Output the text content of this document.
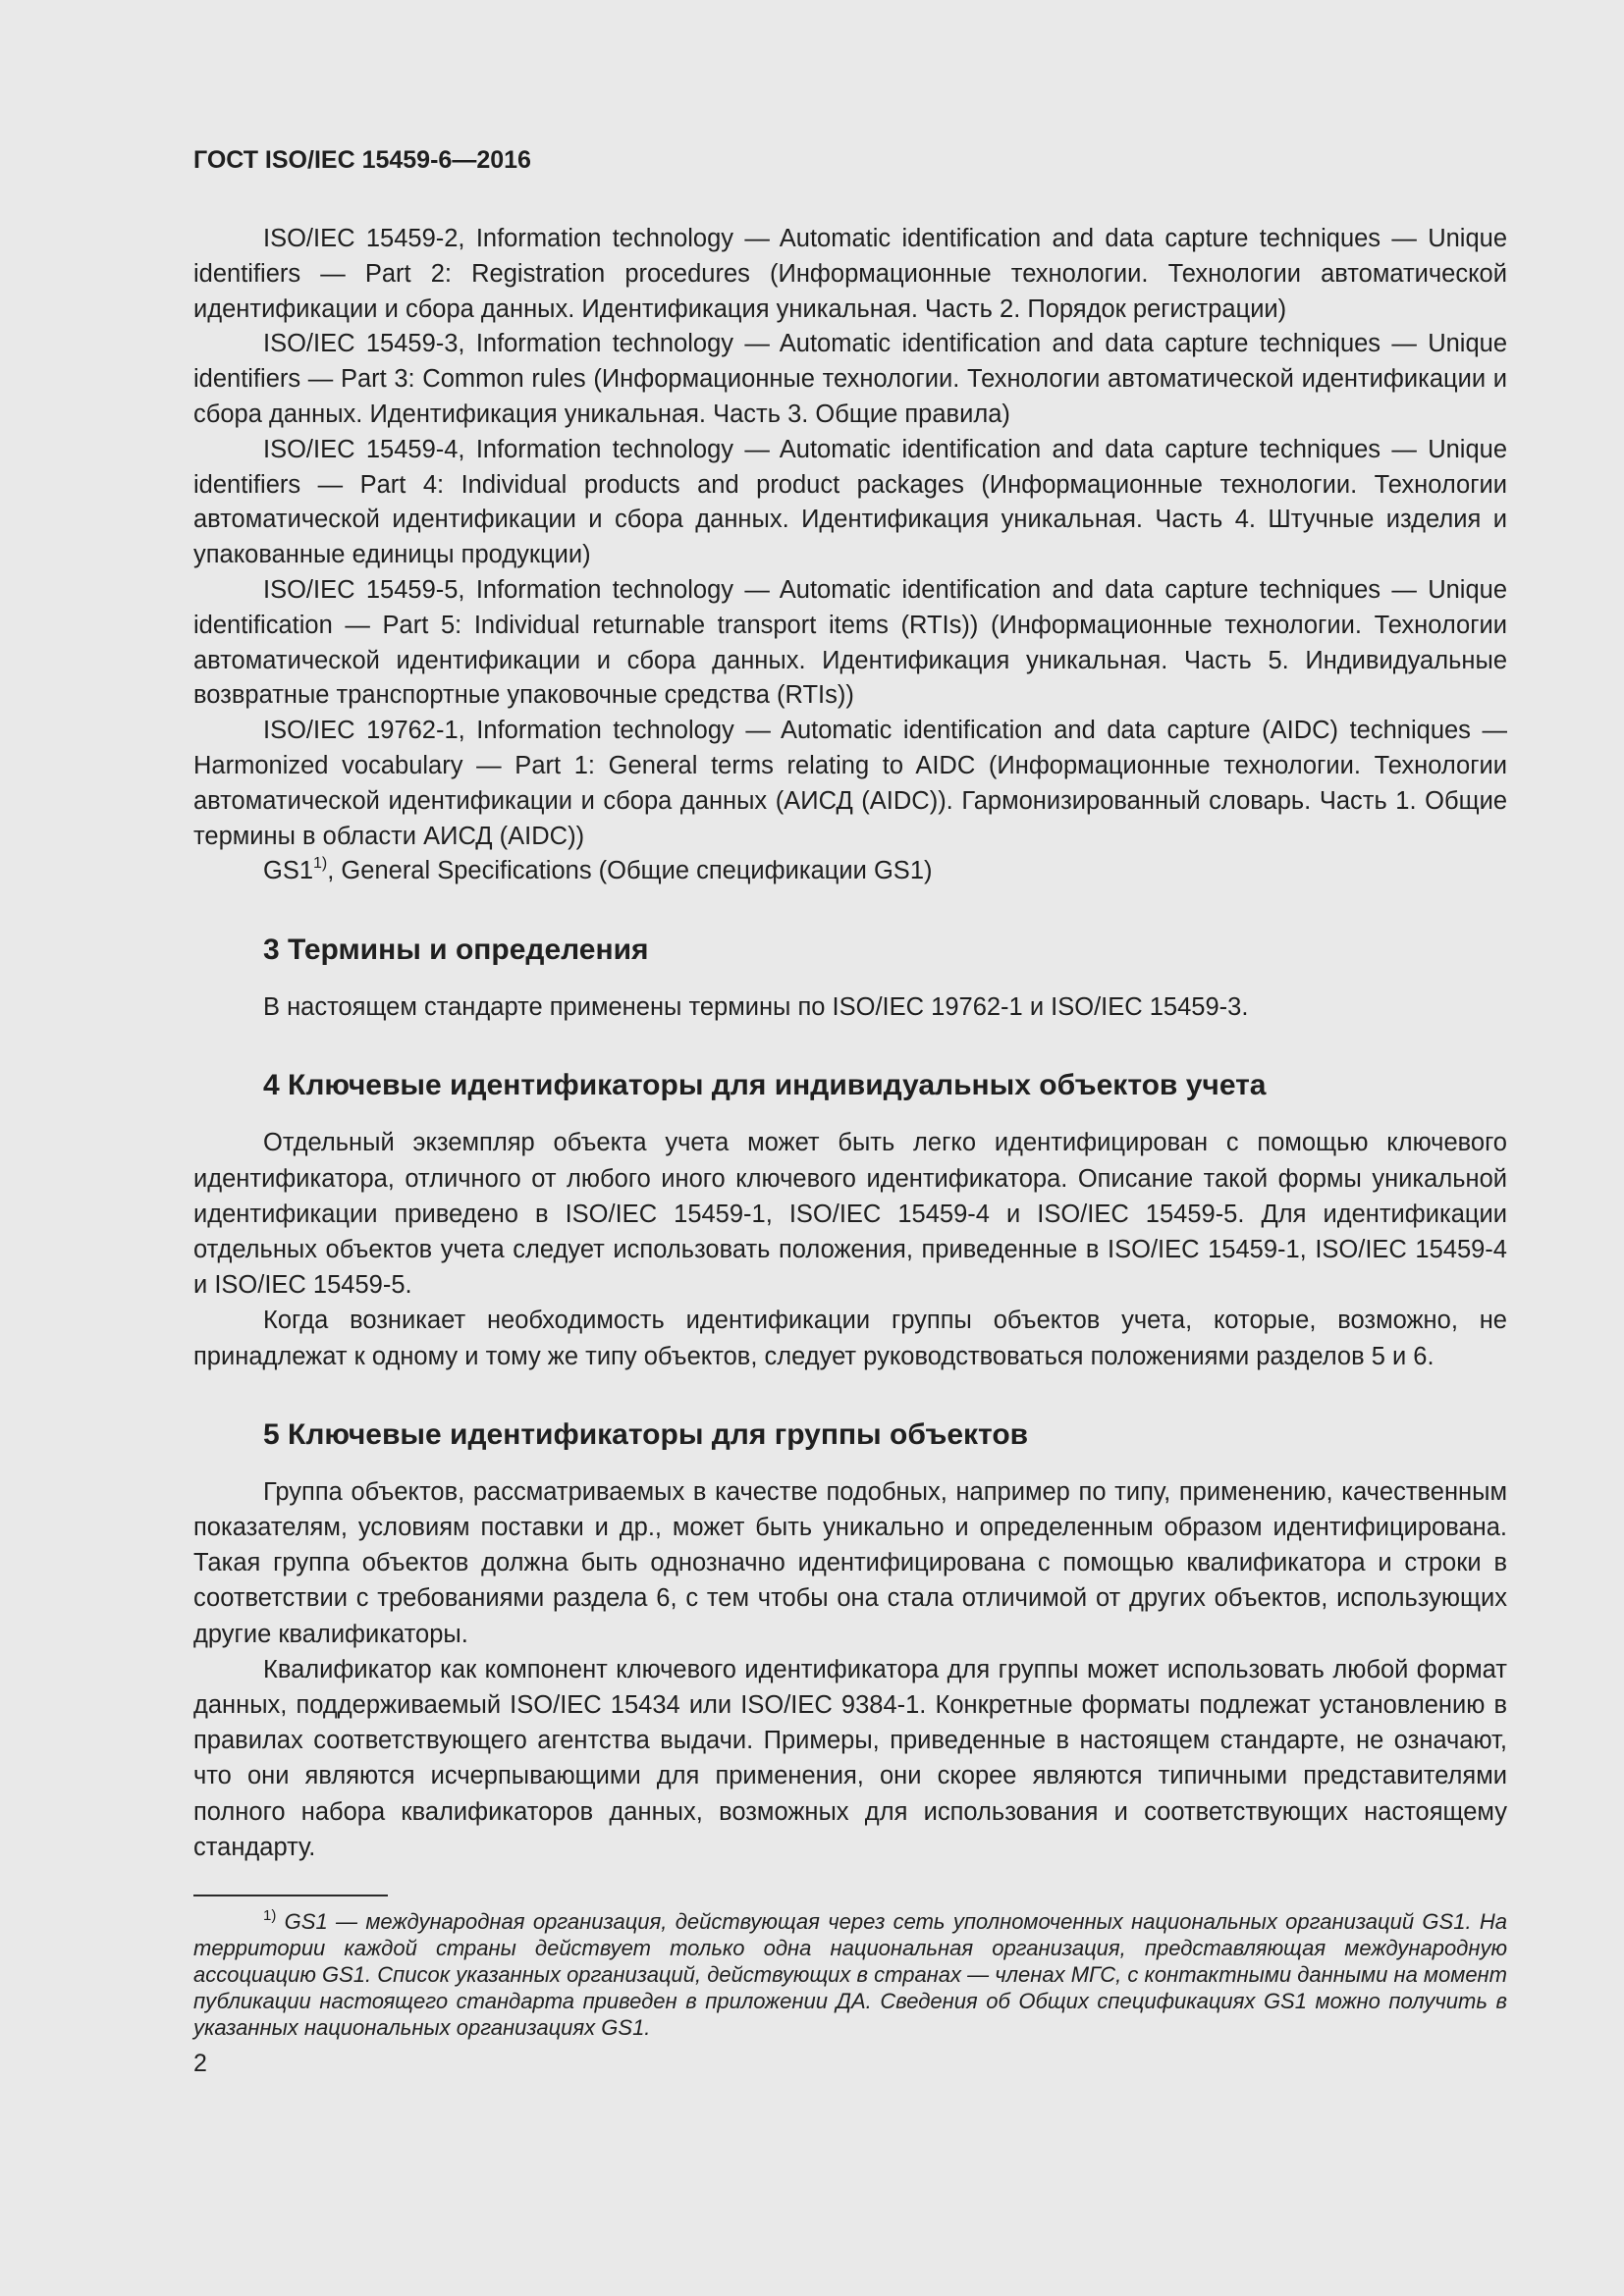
ГОСТ ISO/IEC 15459-6—2016

ISO/IEC 15459-2, Information technology — Automatic identification and data capture techniques — Unique identifiers — Part 2: Registration procedures (Информационные технологии. Технологии автоматической идентификации и сбора данных. Идентификация уникальная. Часть 2. Порядок регистрации)

ISO/IEC 15459-3, Information technology — Automatic identification and data capture techniques — Unique identifiers — Part 3: Common rules (Информационные технологии. Технологии автоматической идентификации и сбора данных. Идентификация уникальная. Часть 3. Общие правила)

ISO/IEC 15459-4, Information technology — Automatic identification and data capture techniques — Unique identifiers — Part 4: Individual products and product packages (Информационные технологии. Технологии автоматической идентификации и сбора данных. Идентификация уникальная. Часть 4. Штучные изделия и упакованные единицы продукции)

ISO/IEC 15459-5, Information technology — Automatic identification and data capture techniques — Unique identification — Part 5: Individual returnable transport items (RTIs)) (Информационные технологии. Технологии автоматической идентификации и сбора данных. Идентификация уникальная. Часть 5. Индивидуальные возвратные транспортные упаковочные средства (RTIs))

ISO/IEC 19762-1, Information technology — Automatic identification and data capture (AIDC) techniques — Harmonized vocabulary — Part 1: General terms relating to AIDC (Информационные технологии. Технологии автоматической идентификации и сбора данных (АИСД (AIDC)). Гармонизированный словарь. Часть 1. Общие термины в области АИСД (AIDC))

GS1$^{1)}$, General Specifications (Общие спецификации GS1)

3 Термины и определения

В настоящем стандарте применены термины по ISO/IEC 19762-1 и ISO/IEC 15459-3.

4 Ключевые идентификаторы для индивидуальных объектов учета

Отдельный экземпляр объекта учета может быть легко идентифицирован с помощью ключевого идентификатора, отличного от любого иного ключевого идентификатора. Описание такой формы уникальной идентификации приведено в ISO/IEC 15459-1, ISO/IEC 15459-4 и ISO/IEC 15459-5. Для идентификации отдельных объектов учета следует использовать положения, приведенные в ISO/IEC 15459-1, ISO/IEC 15459-4 и ISO/IEC 15459-5.

Когда возникает необходимость идентификации группы объектов учета, которые, возможно, не принадлежат к одному и тому же типу объектов, следует руководствоваться положениями разделов 5 и 6.

5 Ключевые идентификаторы для группы объектов

Группа объектов, рассматриваемых в качестве подобных, например по типу, применению, качественным показателям, условиям поставки и др., может быть уникально и определенным образом идентифицирована. Такая группа объектов должна быть однозначно идентифицирована с помощью квалификатора и строки в соответствии с требованиями раздела 6, с тем чтобы она стала отличимой от других объектов, использующих другие квалификаторы.

Квалификатор как компонент ключевого идентификатора для группы может использовать любой формат данных, поддерживаемый ISO/IEC 15434 или ISO/IEC 9384-1. Конкретные форматы подлежат установлению в правилах соответствующего агентства выдачи. Примеры, приведенные в настоящем стандарте, не означают, что они являются исчерпывающими для применения, они скорее являются типичными представителями полного набора квалификаторов данных, возможных для использования и соответствующих настоящему стандарту.

$^{1)}$ GS1 — международная организация, действующая через сеть уполномоченных национальных организаций GS1. На территории каждой страны действует только одна национальная организация, представляющая международную ассоциацию GS1. Список указанных организаций, действующих в странах — членах МГС, с контактными данными на момент публикации настоящего стандарта приведен в приложении ДА. Сведения об Общих спецификациях GS1 можно получить в указанных национальных организациях GS1.

2
